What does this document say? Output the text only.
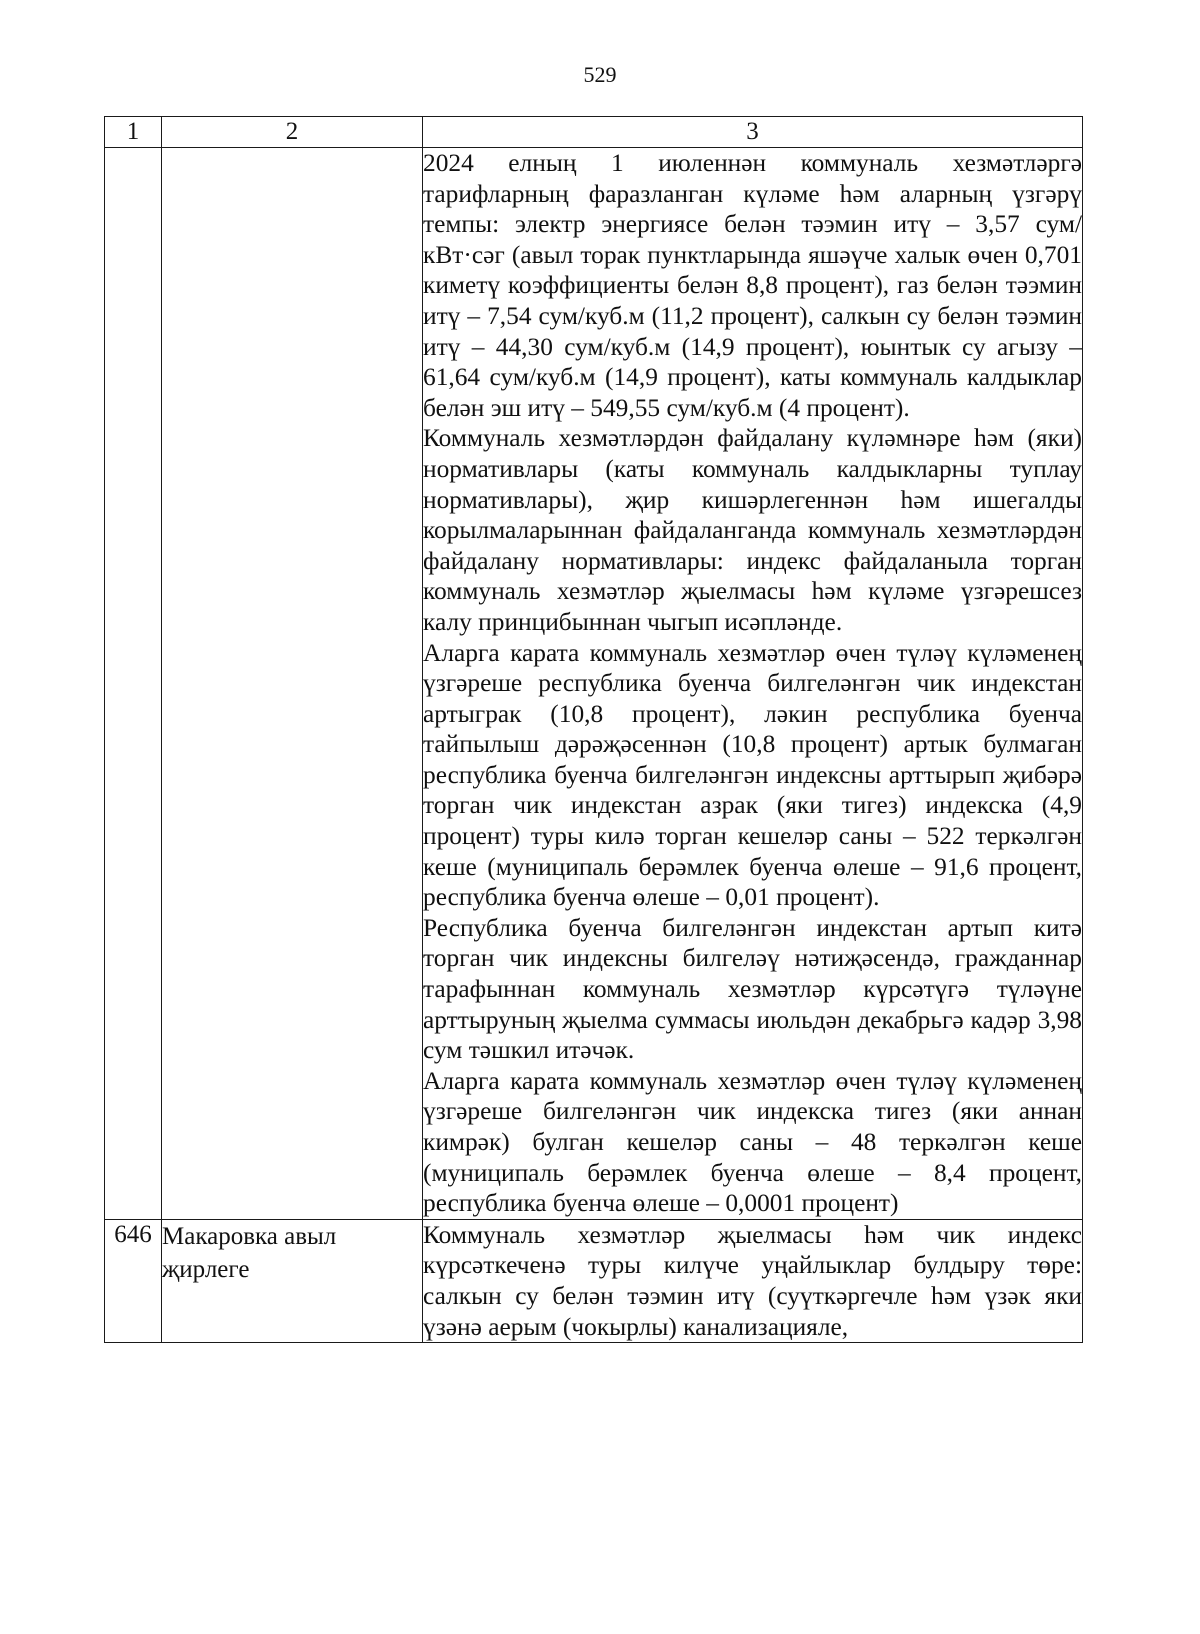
529
1	2	3

		2024 елның 1 июленнән коммуналь хезмәтләргә тарифларның фаразланган күләме һәм аларның үзгәрү темпы: электр энергиясе белән тәэмин итү – 3,57 сум/кВт·сәг (авыл торак пунктларында яшәүче халык өчен 0,701 киметү коэффициенты белән 8,8 процент), газ белән тәэмин итү – 7,54 сум/куб.м (11,2 процент), салкын су белән тәэмин итү – 44,30 сум/куб.м (14,9 процент), юынтык су агызу – 61,64 сум/куб.м (14,9 процент), каты коммуналь калдыклар белән эш итү – 549,55 сум/куб.м (4 процент).

Коммуналь хезмәтләрдән файдалану күләмнәре һәм (яки) нормативлары (каты коммуналь калдыкларны туплау нормативлары), җир кишәрлегеннән һәм ишегалды корылмаларыннан файдаланганда коммуналь хезмәтләрдән файдалану нормативлары: индекс файдаланыла торган коммуналь хезмәтләр җыелмасы һәм күләме үзгәрешсез калу принцибыннан чыгып исәпләнде.

Аларга карата коммуналь хезмәтләр өчен түләү күләменең үзгәреше республика буенча билгеләнгән чик индекстан артыграк (10,8 процент), ләкин республика буенча тайпылыш дәрәҗәсеннән (10,8 процент) артык булмаган республика буенча билгеләнгән индексны арттырып җибәрә торган чик индекстан азрак (яки тигез) индекска (4,9 процент) туры килә торган кешеләр саны – 522 теркәлгән кеше (муниципаль берәмлек буенча өлеше – 91,6 процент, республика буенча өлеше – 0,01 процент).

Республика буенча билгеләнгән индекстан артып китә торган чик индексны билгеләү нәтиҗәсендә, гражданнар тарафыннан коммуналь хезмәтләр күрсәтүгә түләүне арттыруның җыелма суммасы июльдән декабрьгә кадәр 3,98 сум тәшкил итәчәк.

Аларга карата коммуналь хезмәтләр өчен түләү күләменең үзгәреше билгеләнгән чик индекска тигез (яки аннан кимрәк) булган кешеләр саны – 48 теркәлгән кеше (муниципаль берәмлек буенча өлеше – 8,4 процент, республика буенча өлеше – 0,0001 процент)

646	Макаровка авыл җирлеге	Коммуналь хезмәтләр җыелмасы һәм чик индекс күрсәткеченә туры килүче уңайлыклар булдыру төре: салкын су белән тәэмин итү (суүткәргечле һәм үзәк яки үзәнә аерым (чокырлы) канализацияле,
